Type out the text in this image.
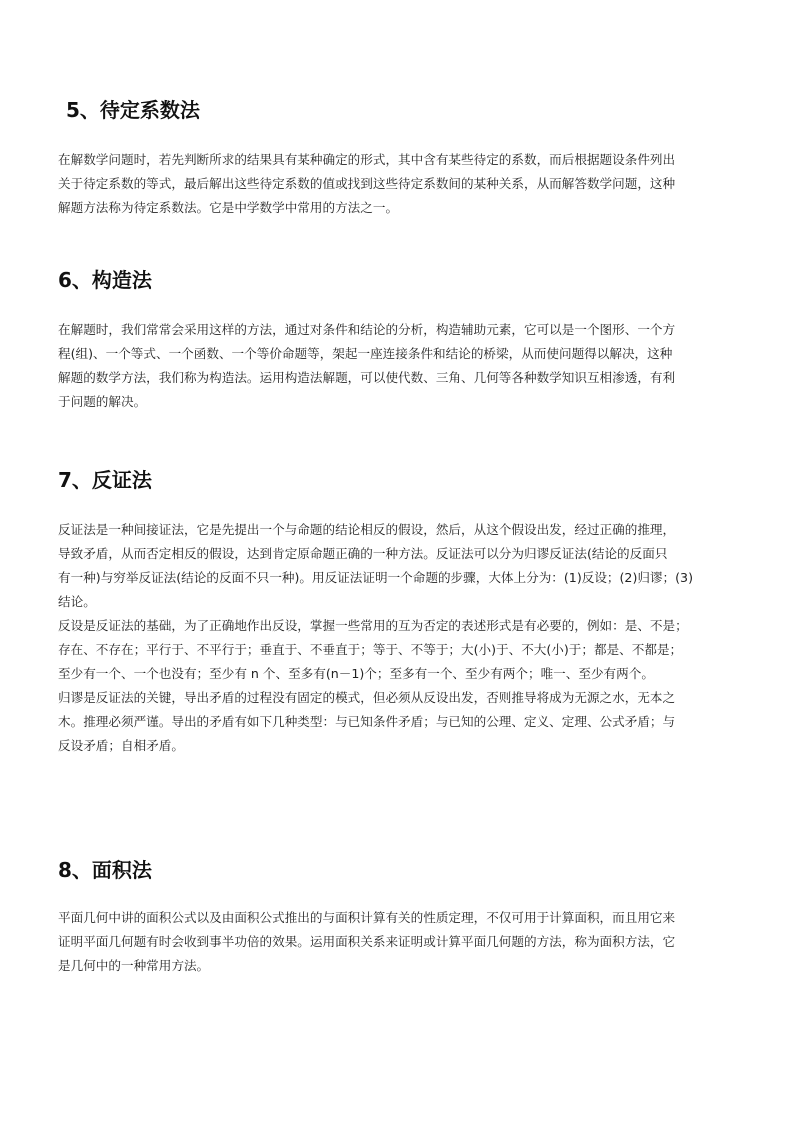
5、待定系数法
在解数学问题时，若先判断所求的结果具有某种确定的形式，其中含有某些待定的系数，而后根据题设条件列出
关于待定系数的等式，最后解出这些待定系数的值或找到这些待定系数间的某种关系，从而解答数学问题，这种
解题方法称为待定系数法。它是中学数学中常用的方法之一。
6、构造法
在解题时，我们常常会采用这样的方法，通过对条件和结论的分析，构造辅助元素，它可以是一个图形、一个方
程(组)、一个等式、一个函数、一个等价命题等，架起一座连接条件和结论的桥梁，从而使问题得以解决，这种
解题的数学方法，我们称为构造法。运用构造法解题，可以使代数、三角、几何等各种数学知识互相渗透，有利
于问题的解决。
7、反证法
反证法是一种间接证法，它是先提出一个与命题的结论相反的假设，然后，从这个假设出发，经过正确的推理，
导致矛盾，从而否定相反的假设，达到肯定原命题正确的一种方法。反证法可以分为归谬反证法(结论的反面只
有一种)与穷举反证法(结论的反面不只一种)。用反证法证明一个命题的步骤，大体上分为：(1)反设；(2)归谬；(3)
结论。
反设是反证法的基础，为了正确地作出反设，掌握一些常用的互为否定的表述形式是有必要的，例如：是、不是；
存在、不存在；平行于、不平行于；垂直于、不垂直于；等于、不等于；大(小)于、不大(小)于；都是、不都是；
至少有一个、一个也没有；至少有 n 个、至多有(n－1)个；至多有一个、至少有两个；唯一、至少有两个。
归谬是反证法的关键，导出矛盾的过程没有固定的模式，但必须从反设出发，否则推导将成为无源之水，无本之
木。推理必须严谨。导出的矛盾有如下几种类型：与已知条件矛盾；与已知的公理、定义、定理、公式矛盾；与
反设矛盾；自相矛盾。
8、面积法
平面几何中讲的面积公式以及由面积公式推出的与面积计算有关的性质定理，不仅可用于计算面积，而且用它来
证明平面几何题有时会收到事半功倍的效果。运用面积关系来证明或计算平面几何题的方法，称为面积方法，它
是几何中的一种常用方法。
